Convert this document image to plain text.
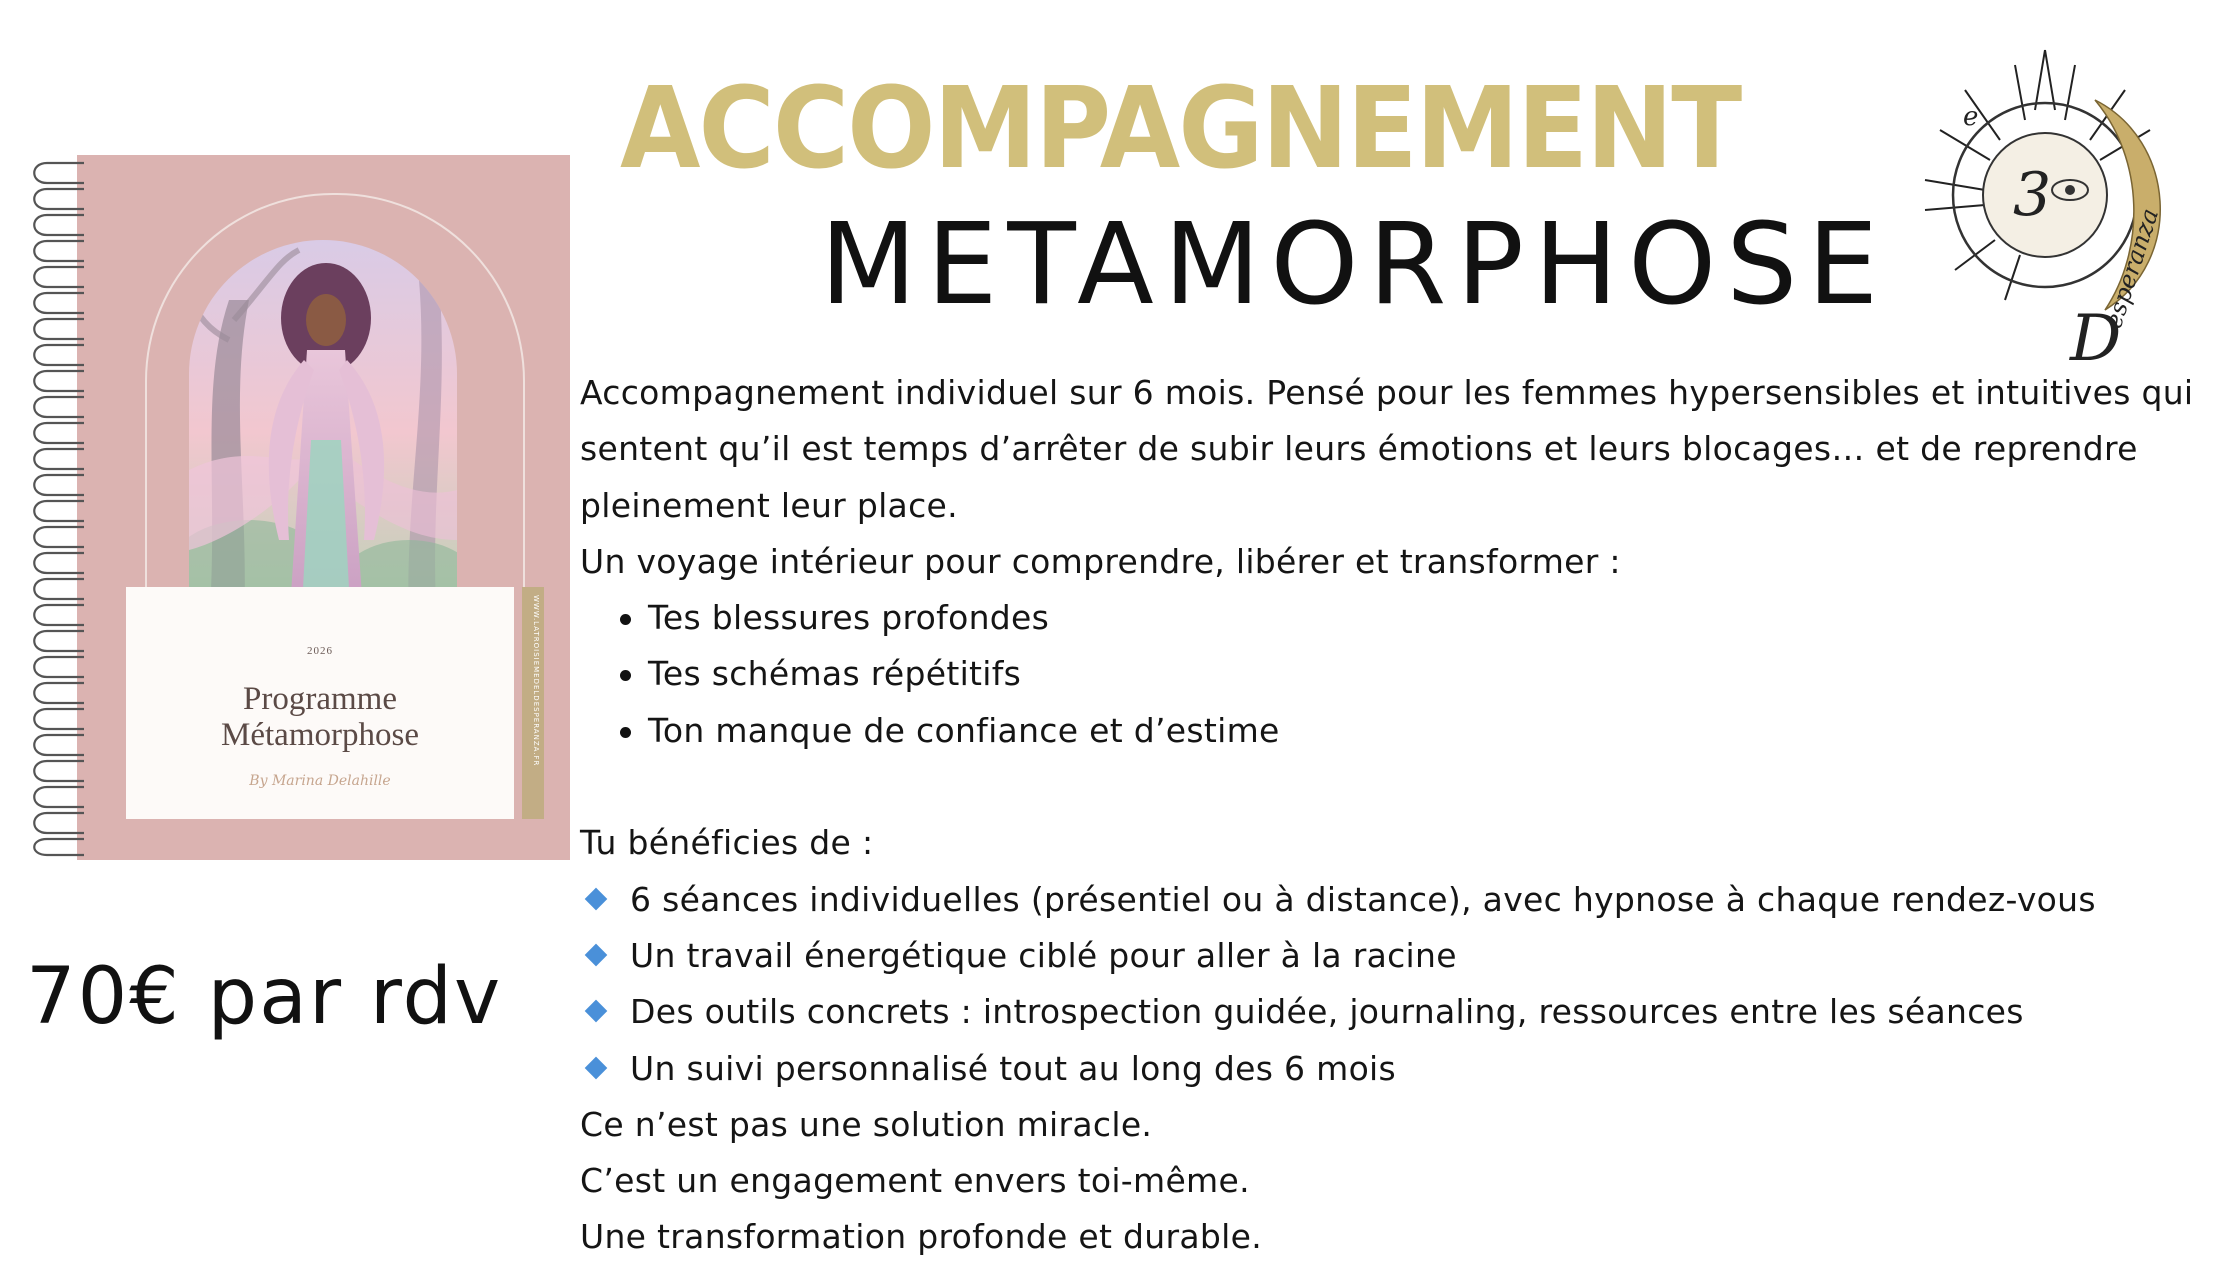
ACCOMPAGNEMENT
METAMORPHOSE
2026
Programme
Métamorphose
By Marina Delahille
WWW.LATROISIEMEDELDESPERANZA.FR
70€ par rdv

Accompagnement individuel sur 6 mois. Pensé pour les femmes hypersensibles et intuitives qui

sentent qu’il est temps d’arrêter de subir leurs émotions et leurs blocages… et de reprendre

pleinement leur place.

Un voyage intérieur pour comprendre, libérer et transformer :

Tes blessures profondes
Tes schémas répétitifs
Ton manque de confiance et d’estime

Tu bénéficies de :

6 séances individuelles (présentiel ou à distance), avec hypnose à chaque rendez-vous
Un travail énergétique ciblé pour aller à la racine
Des outils concrets : introspection guidée, journaling, ressources entre les séances
Un suivi personnalisé tout au long des 6 mois

Ce n’est pas une solution miracle.

C’est un engagement envers toi-même.

Une transformation profonde et durable.

3
e
D
esperanza
